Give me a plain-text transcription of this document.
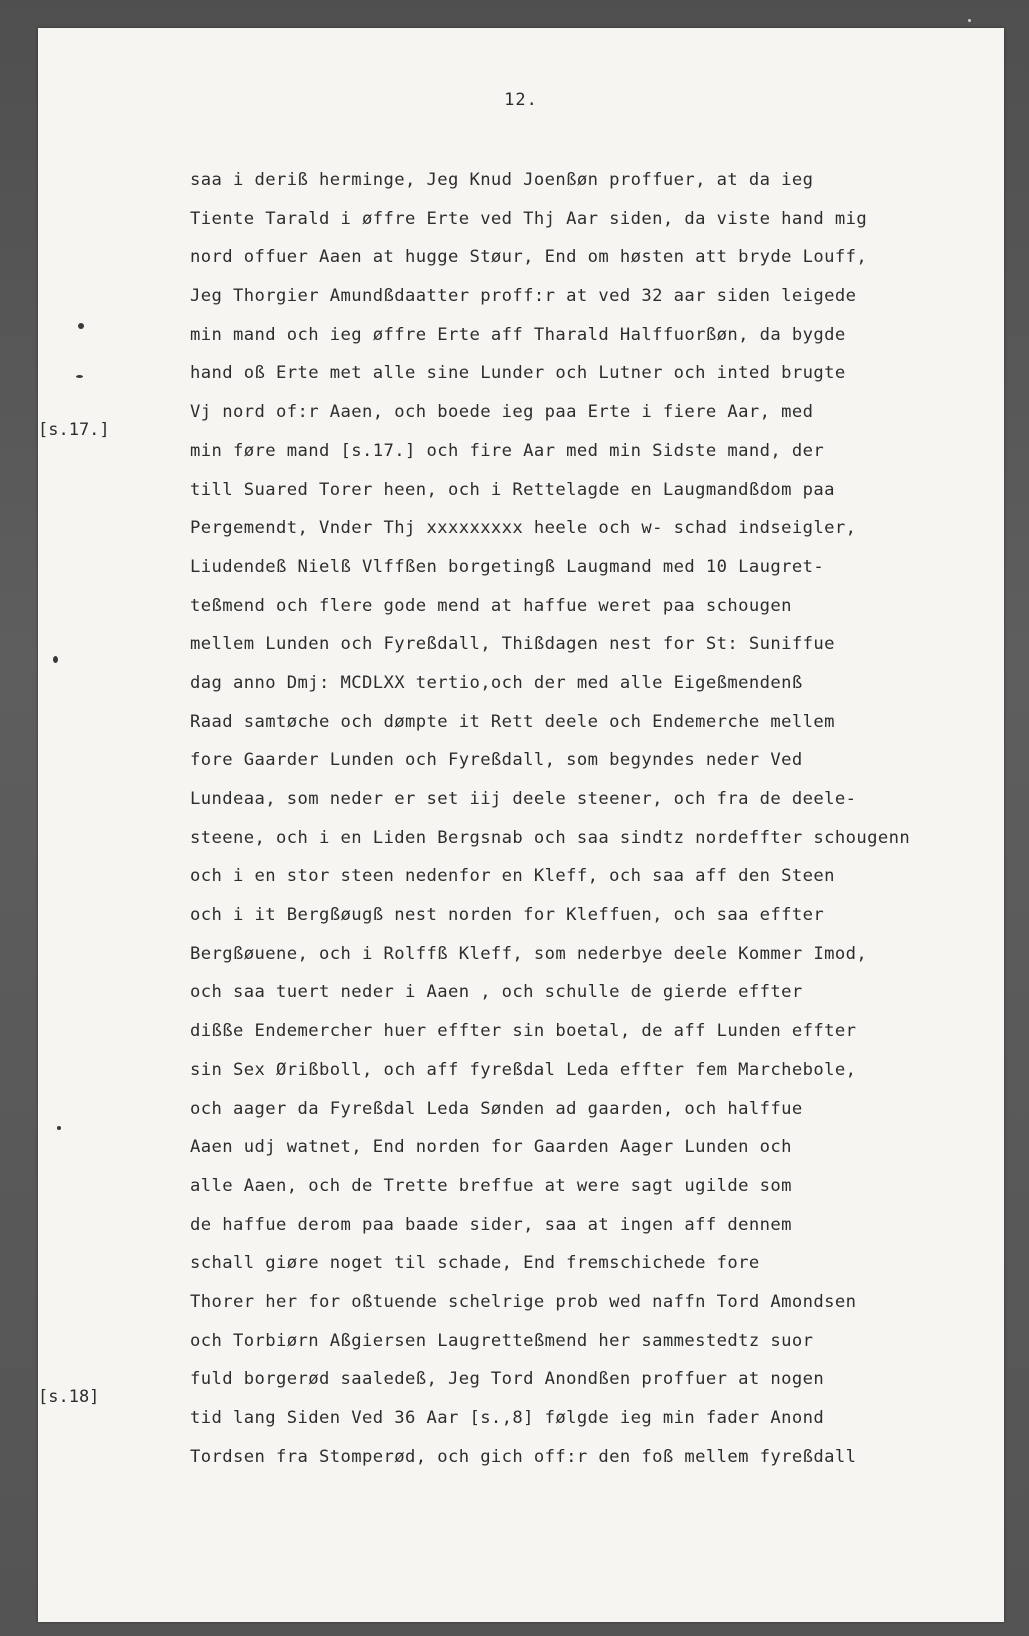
12.
saa i deriß herminge, Jeg Knud Joenßøn proffuer, at da ieg
Tiente Tarald i øffre Erte ved Thj Aar siden, da viste hand mig
nord offuer Aaen at hugge Støur, End om høsten att bryde Louff,
Jeg Thorgier Amundßdaatter proff:r at ved 32 aar siden leigede
min mand och ieg øffre Erte aff Tharald Halffuorßøn, da bygde
hand oß Erte met alle sine Lunder och Lutner och inted brugte
Vj nord of:r Aaen, och boede ieg paa Erte i fiere Aar, med
min føre mand [s.17.] och fire Aar med min Sidste mand, der
till Suared Torer heen, och i Rettelagde en Laugmandßdom paa
Pergemendt, Vnder Thj xxxxxxxxx heele och w- schad indseigler,
Liudendeß Nielß Vlffßen borgetingß Laugmand med 10 Laugret-
teßmend och flere gode mend at haffue weret paa schougen
mellem Lunden och Fyreßdall, Thißdagen nest for St: Suniffue
dag anno Dmj: MCDLXX tertio,och der med alle Eigeßmendenß
Raad samtøche och dømpte it Rett deele och Endemerche mellem
fore Gaarder Lunden och Fyreßdall, som begyndes neder Ved
Lundeaa, som neder er set iij deele steener, och fra de deele-
steene, och i en Liden Bergsnab och saa sindtz nordeffter schougenn
och i en stor steen nedenfor en Kleff, och saa aff den Steen
och i it Bergßøugß nest norden for Kleffuen, och saa effter
Bergßøuene, och i Rolffß Kleff, som nederbye deele Kommer Imod,
och saa tuert neder i Aaen , och schulle de gierde effter
dißße Endemercher huer effter sin boetal, de aff Lunden effter
sin Sex Ørißboll, och aff fyreßdal Leda effter fem Marchebole,
och aager da Fyreßdal Leda Sønden ad gaarden, och halffue
Aaen udj watnet, End norden for Gaarden Aager Lunden och
alle Aaen, och de Trette breffue at were sagt ugilde som
de haffue derom paa baade sider, saa at ingen aff dennem
schall giøre noget til schade, End fremschichede fore
Thorer her for oßtuende schelrige prob wed naffn Tord Amondsen
och Torbiørn Aßgiersen Laugretteßmend her sammestedtz suor
fuld borgerød saaledeß, Jeg Tord Anondßen proffuer at nogen
tid lang Siden Ved 36 Aar [s.,8] følgde ieg min fader Anond
Tordsen fra Stomperød, och gich off:r den foß mellem fyreßdall
[s.17.]
[s.18]
